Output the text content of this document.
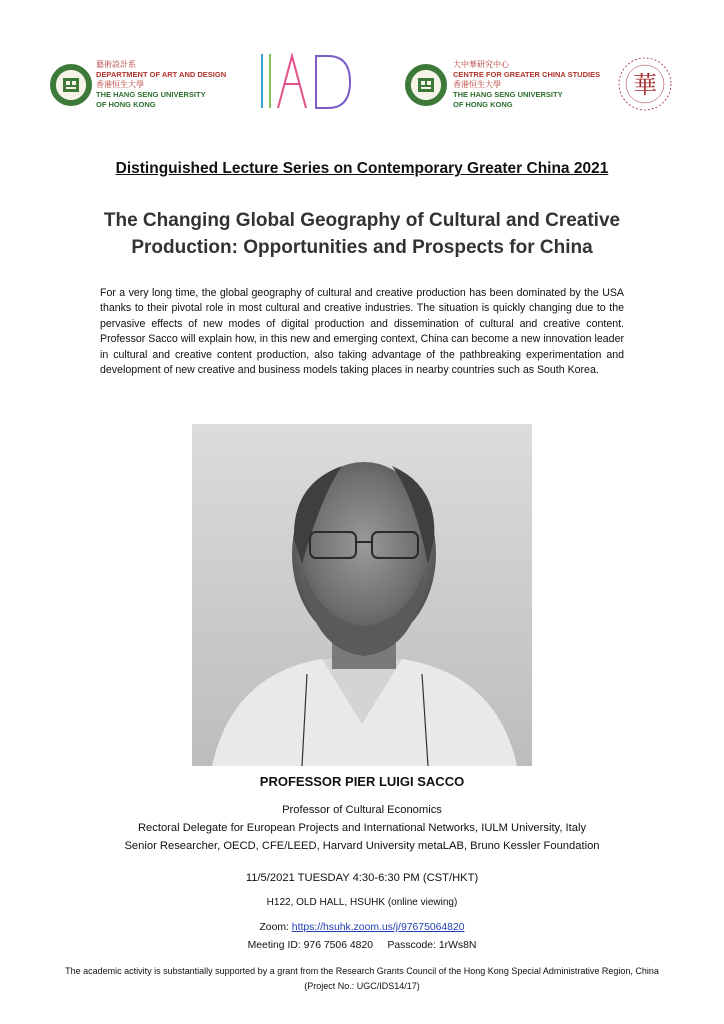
藝術設計系
DEPARTMENT OF ART AND DESIGN
香港恒生大學
THE HANG SENG UNIVERSITY
OF HONG KONG
大中華研究中心
CENTRE FOR GREATER CHINA STUDIES
香港恒生大學
THE HANG SENG UNIVERSITY
OF HONG KONG
華
Distinguished Lecture Series on Contemporary Greater China 2021
The Changing Global Geography of Cultural and Creative
Production: Opportunities and Prospects for China
For a very long time, the global geography of cultural and creative production has been dominated by the USA thanks to their pivotal role in most cultural and creative industries. The situation is quickly changing due to the pervasive effects of new modes of digital production and dissemination of cultural and creative content. Professor Sacco will explain how, in this new and emerging context, China can become a new innovation leader in cultural and creative content production, also taking advantage of the pathbreaking experimentation and development of new creative and business models taking places in nearby countries such as South Korea.
PROFESSOR PIER LUIGI SACCO
Professor of Cultural Economics
Rectoral Delegate for European Projects and International Networks, IULM University, Italy
Senior Researcher, OECD, CFE/LEED, Harvard University metaLAB, Bruno Kessler Foundation
11/5/2021 TUESDAY 4:30-6:30 PM (CST/HKT)
H122, OLD HALL, HSUHK (online viewing)
Zoom: https://hsuhk.zoom.us/j/97675064820
Meeting ID: 976 7506 4820 Passcode: 1rWs8N
The academic activity is substantially supported by a grant from the Research Grants Council of the Hong Kong Special Administrative Region, China
(Project No.: UGC/IDS14/17)
